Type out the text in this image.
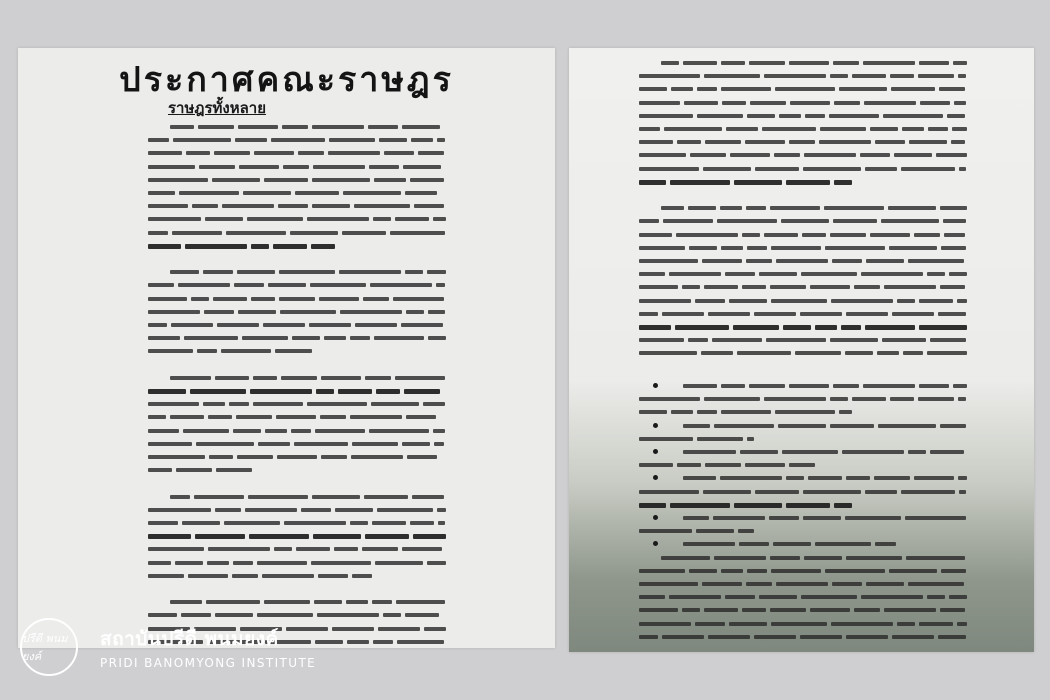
ประกาศคณะราษฎร
ราษฎรทั้งหลาย
ปรีดี พนมยงค์
สถาบันปรีดี พนมยงค์
PRIDI BANOMYONG INSTITUTE
